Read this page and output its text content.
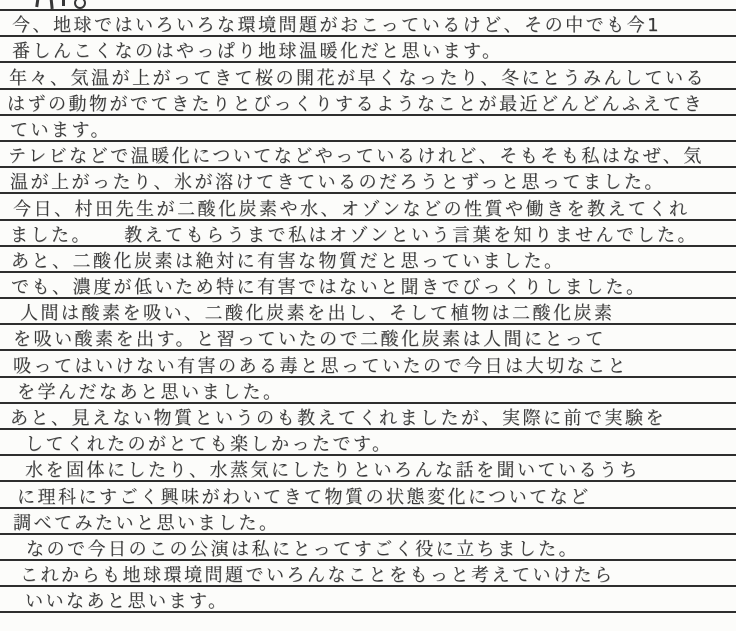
今、地球ではいろいろな環境問題がおこっているけど、その中でも今1
番しんこくなのはやっぱり地球温暖化だと思います。
年々、気温が上がってきて桜の開花が早くなったり、冬にとうみんしている
はずの動物がでてきたりとびっくりするようなことが最近どんどんふえてき
ています。
テレビなどで温暖化についてなどやっているけれど、そもそも私はなぜ、気
温が上がったり、氷が溶けてきているのだろうとずっと思ってました。
今日、村田先生が二酸化炭素や水、オゾンなどの性質や働きを教えてくれ
ました。　　教えてもらうまで私はオゾンという言葉を知りませんでした。
あと、二酸化炭素は絶対に有害な物質だと思っていました。
でも、濃度が低いため特に有害ではないと聞きでびっくりしました。
人間は酸素を吸い、二酸化炭素を出し、そして植物は二酸化炭素
を吸い酸素を出す。と習っていたので二酸化炭素は人間にとって
吸ってはいけない有害のある毒と思っていたので今日は大切なこと
を学んだなあと思いました。
あと、見えない物質というのも教えてくれましたが、実際に前で実験を
してくれたのがとても楽しかったです。
水を固体にしたり、水蒸気にしたりといろんな話を聞いているうち
に理科にすごく興味がわいてきて物質の状態変化についてなど
調べてみたいと思いました。
なので今日のこの公演は私にとってすごく役に立ちました。
これからも地球環境問題でいろんなことをもっと考えていけたら
いいなあと思います。
